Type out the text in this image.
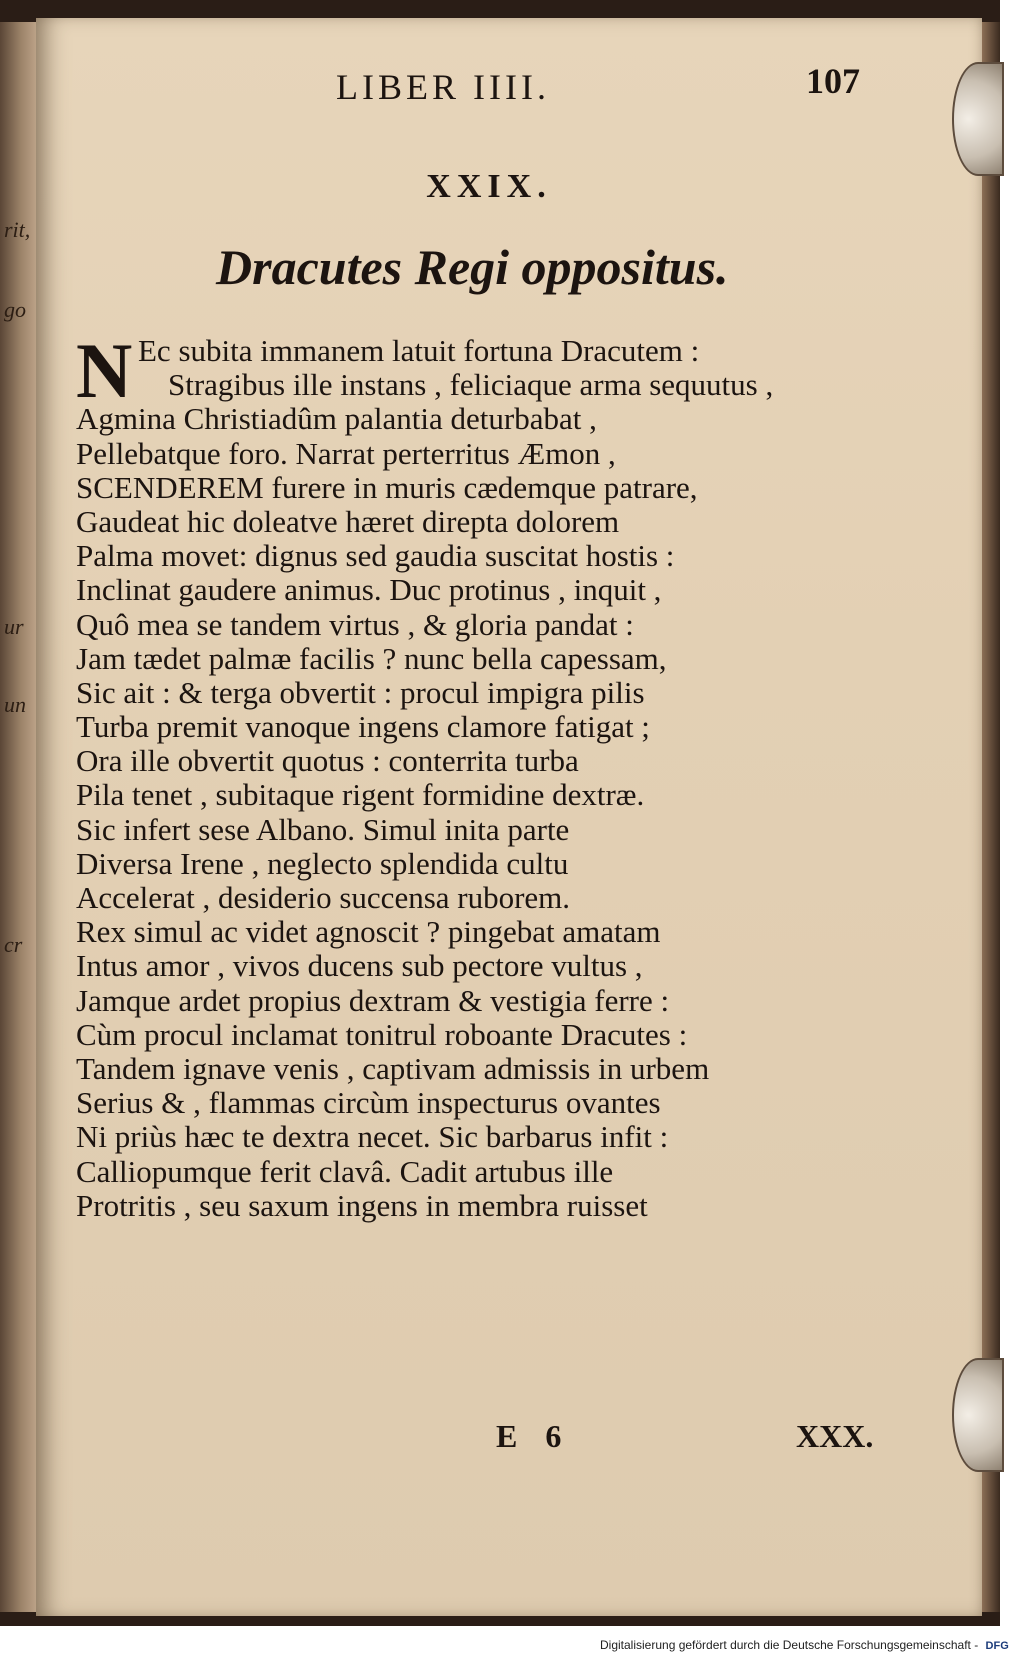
rit,
go
ur
un
cr
LIBER IIII.	107
XXIX.
Dracutes Regi oppositus.
N Ec subita immanem latuit fortuna Dracutem :
Stragibus ille instans , feliciaque arma sequutus ,
Agmina Christiadûm palantia deturbabat ,
Pellebatque foro. Narrat perterritus Æmon ,
SCENDEREM furere in muris cædemque patrare,
Gaudeat hic doleatve hæret direpta dolorem
Palma movet: dignus sed gaudia suscitat hostis :
Inclinat gaudere animus. Duc protinus , inquit ,
Quô mea se tandem virtus , & gloria pandat :
Jam tædet palmæ facilis ? nunc bella capessam,
Sic ait : & terga obvertit : procul impigra pilis
Turba premit vanoque ingens clamore fatigat ;
Ora ille obvertit quotus : conterrita turba
Pila tenet , subitaque rigent formidine dextræ.
Sic infert sese Albano. Simul inita parte
Diversa Irene , neglecto splendida cultu
Accelerat , desiderio succensa ruborem.
Rex simul ac videt agnoscit ? pingebat amatam
Intus amor , vivos ducens sub pectore vultus ,
Jamque ardet propius dextram & vestigia ferre :
Cùm procul inclamat tonitrul roboante Dracutes :
Tandem ignave venis , captivam admissis in urbem
Serius & , flammas circùm inspecturus ovantes
Ni priùs hæc te dextra necet. Sic barbarus infit :
Calliopumque ferit clavâ. Cadit artubus ille
Protritis , seu saxum ingens in membra ruisset
E 6	XXX.
Digitalisierung gefördert durch die Deutsche Forschungsgemeinschaft - DFG
